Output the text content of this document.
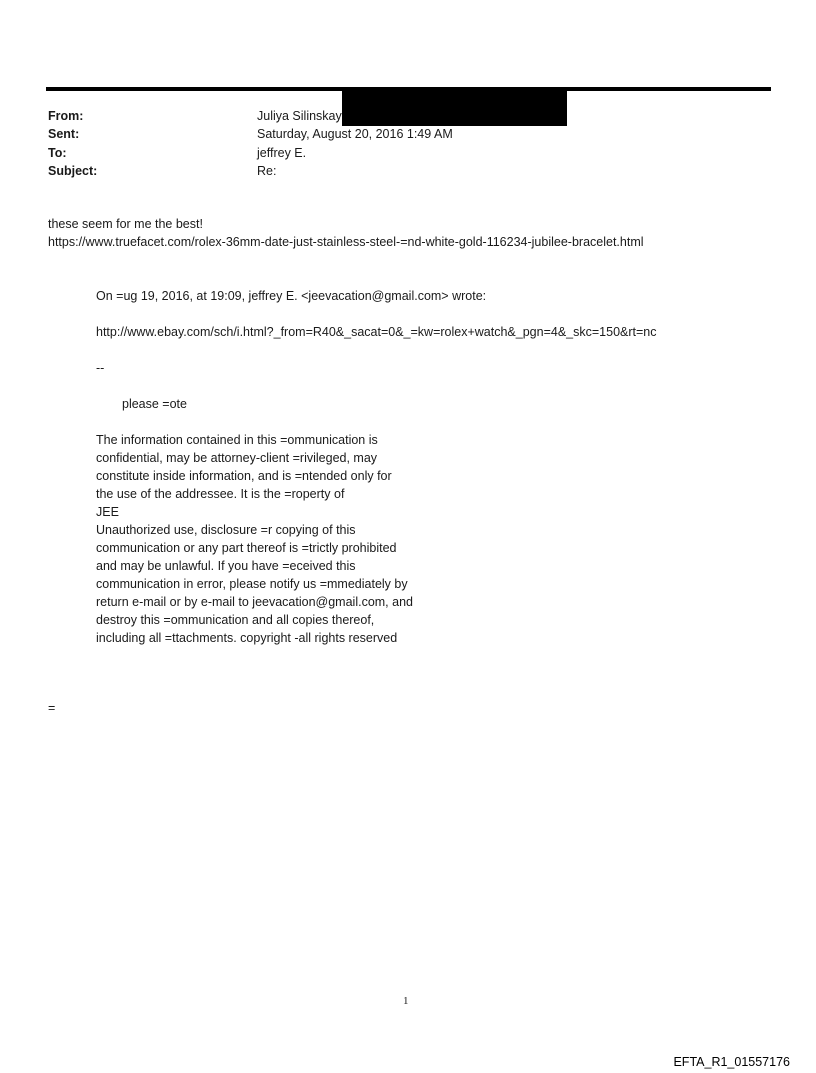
From:	Juliya Silinskay
Sent:	Saturday, August 20, 2016 1:49 AM
To:	jeffrey E.
Subject:	Re:
these seem for me the best!
https://www.truefacet.com/rolex-36mm-date-just-stainless-steel-=nd-white-gold-116234-jubilee-bracelet.html
On =ug 19, 2016, at 19:09, jeffrey E. <jeevacation@gmail.com> wrote:
http://www.ebay.com/sch/i.html?_from=R40&_sacat=0&_=kw=rolex+watch&_pgn=4&_skc=150&rt=nc
--
please =ote
The information contained in this =ommunication is
confidential, may be attorney-client =rivileged, may
constitute inside information, and is =ntended only for
the use of the addressee. It is the =roperty of
JEE
Unauthorized use, disclosure =r copying of this
communication or any part thereof is =trictly prohibited
and may be unlawful. If you have =eceived this
communication in error, please notify us =mmediately by
return e-mail or by e-mail to jeevacation@gmail.com, and
destroy this =ommunication and all copies thereof,
including all =ttachments. copyright -all rights reserved
=
1
EFTA_R1_01557176
